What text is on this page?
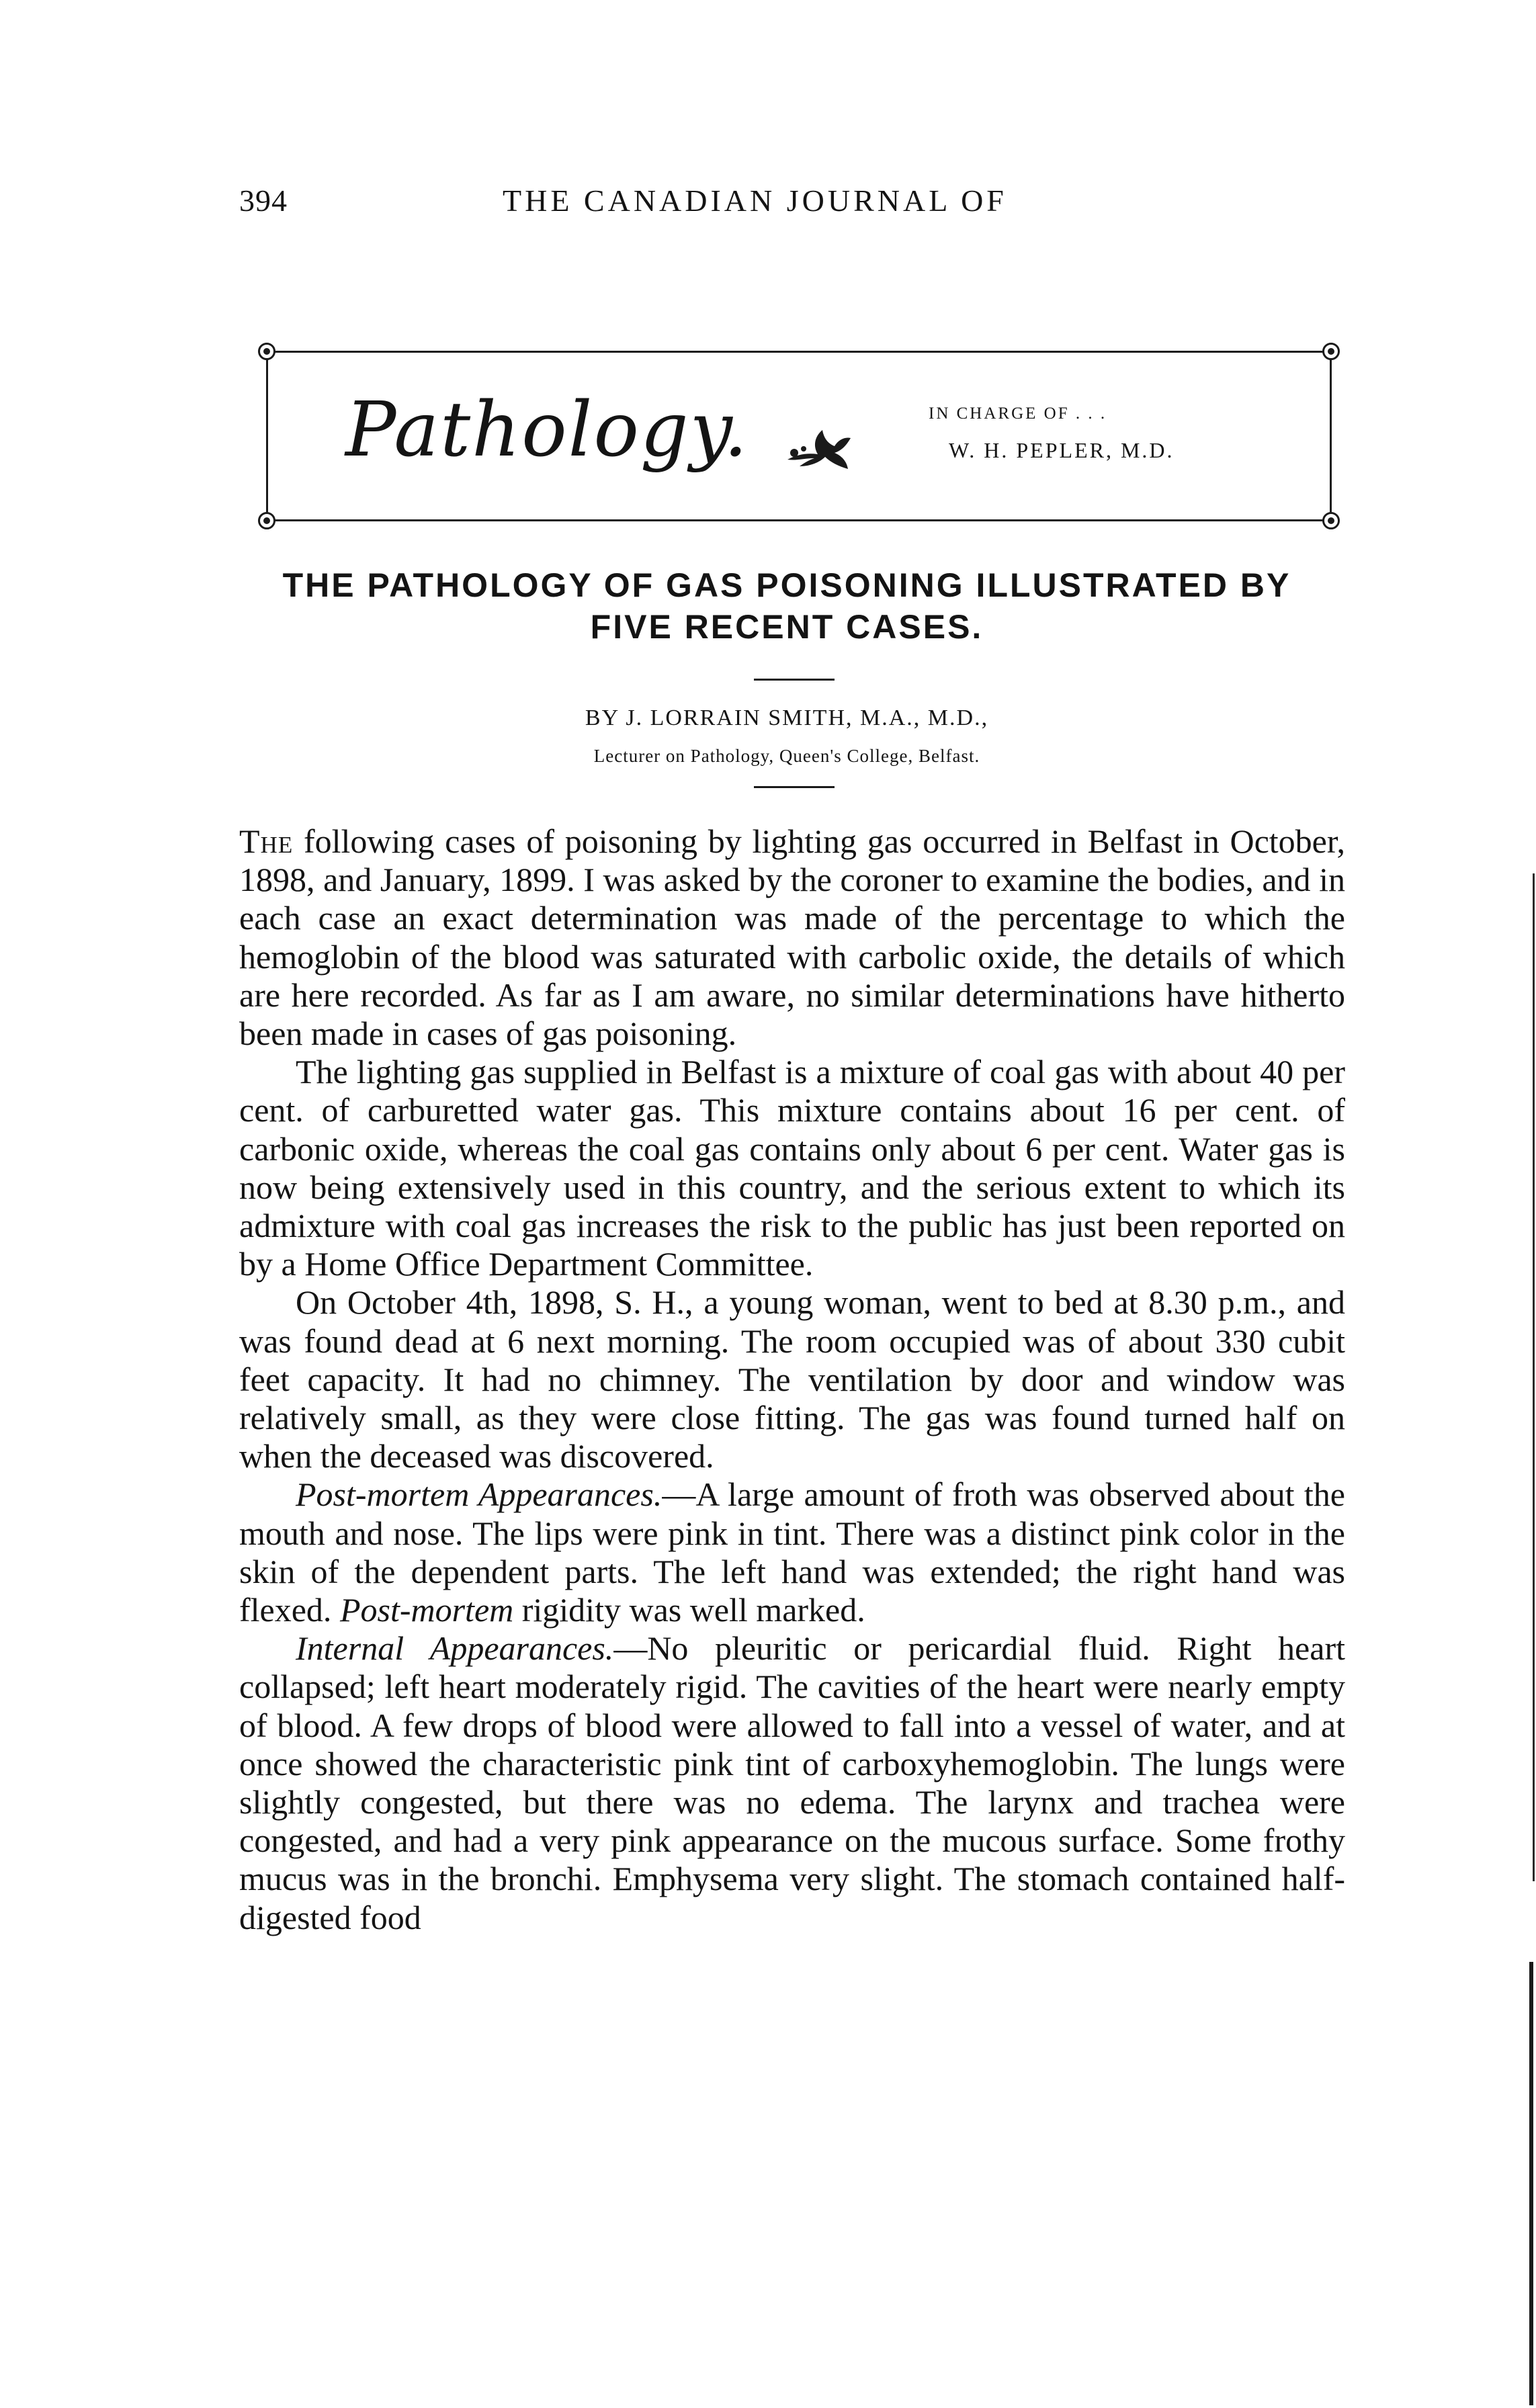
394	THE CANADIAN JOURNAL OF
Pathology.	IN CHARGE OF . . .
W. H. PEPLER, M.D.
THE PATHOLOGY OF GAS POISONING ILLUSTRATED BY FIVE RECENT CASES.
BY J. LORRAIN SMITH, M.A., M.D.,
Lecturer on Pathology, Queen's College, Belfast.

The following cases of poisoning by lighting gas occurred in Belfast in October, 1898, and January, 1899. I was asked by the coroner to examine the bodies, and in each case an exact determination was made of the percentage to which the hemoglobin of the blood was saturated with carbolic oxide, the details of which are here recorded. As far as I am aware, no similar determinations have hitherto been made in cases of gas poisoning.

The lighting gas supplied in Belfast is a mixture of coal gas with about 40 per cent. of carburetted water gas. This mixture contains about 16 per cent. of carbonic oxide, whereas the coal gas contains only about 6 per cent. Water gas is now being extensively used in this country, and the serious extent to which its admixture with coal gas increases the risk to the public has just been reported on by a Home Office Department Committee.

On October 4th, 1898, S. H., a young woman, went to bed at 8.30 p.m., and was found dead at 6 next morning. The room occupied was of about 330 cubit feet capacity. It had no chimney. The ventilation by door and window was relatively small, as they were close fitting. The gas was found turned half on when the deceased was discovered.

Post-mortem Appearances.—A large amount of froth was observed about the mouth and nose. The lips were pink in tint. There was a distinct pink color in the skin of the dependent parts. The left hand was extended; the right hand was flexed. Post-mortem rigidity was well marked.

Internal Appearances.—No pleuritic or pericardial fluid. Right heart collapsed; left heart moderately rigid. The cavities of the heart were nearly empty of blood. A few drops of blood were allowed to fall into a vessel of water, and at once showed the characteristic pink tint of carboxyhemoglobin. The lungs were slightly congested, but there was no edema. The larynx and trachea were congested, and had a very pink appearance on the mucous surface. Some frothy mucus was in the bronchi. Emphysema very slight. The stomach contained half-digested food
